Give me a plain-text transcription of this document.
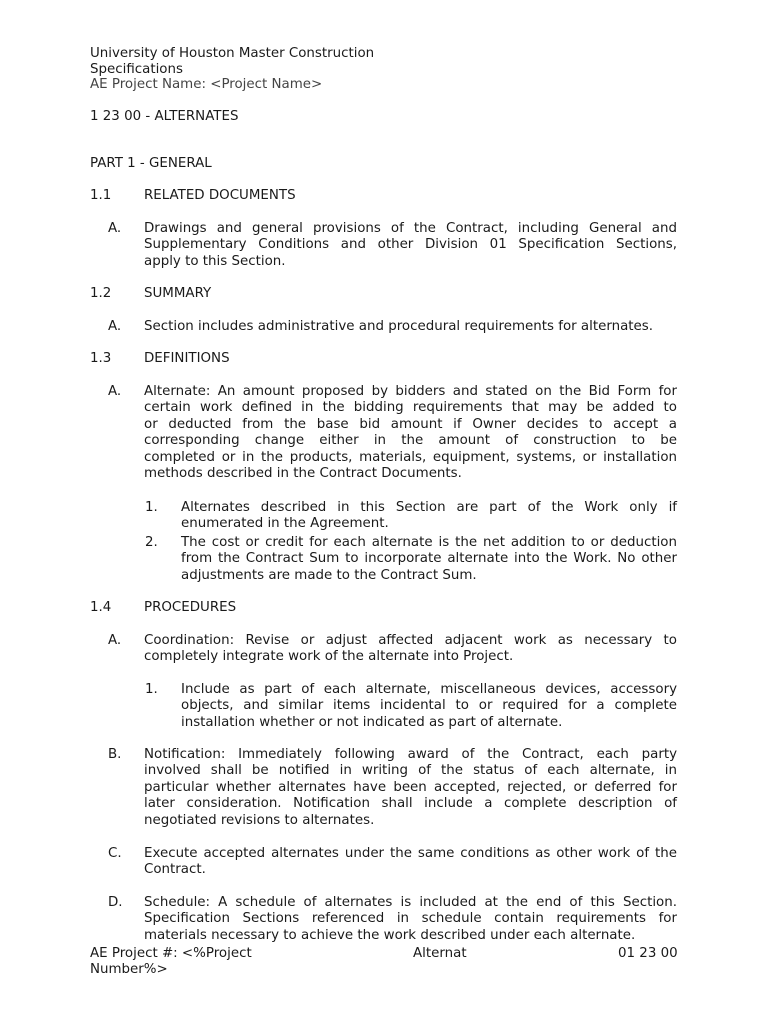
University of Houston Master Construction
Specifications
AE Project Name: <Project Name>
1 23 00 - ALTERNATES
PART 1 - GENERAL
1.1 RELATED DOCUMENTS
A. Drawings and general provisions of the Contract, including General and
Supplementary Conditions and other Division 01 Specification Sections,
apply to this Section.
1.2 SUMMARY
A. Section includes administrative and procedural requirements for alternates.
1.3 DEFINITIONS
A. Alternate: An amount proposed by bidders and stated on the Bid Form for
certain work defined in the bidding requirements that may be added to
or deducted from the base bid amount if Owner decides to accept a
corresponding change either in the amount of construction to be
completed or in the products, materials, equipment, systems, or installation
methods described in the Contract Documents.
1. Alternates described in this Section are part of the Work only if
enumerated in the Agreement.
2. The cost or credit for each alternate is the net addition to or deduction
from the Contract Sum to incorporate alternate into the Work. No other
adjustments are made to the Contract Sum.
1.4 PROCEDURES
A. Coordination: Revise or adjust affected adjacent work as necessary to
completely integrate work of the alternate into Project.
1. Include as part of each alternate, miscellaneous devices, accessory
objects, and similar items incidental to or required for a complete
installation whether or not indicated as part of alternate.
B. Notification: Immediately following award of the Contract, each party
involved shall be notified in writing of the status of each alternate, in
particular whether alternates have been accepted, rejected, or deferred for
later consideration. Notification shall include a complete description of
negotiated revisions to alternates.
C. Execute accepted alternates under the same conditions as other work of the
Contract.
D. Schedule: A schedule of alternates is included at the end of this Section.
Specification Sections referenced in schedule contain requirements for
materials necessary to achieve the work described under each alternate.
AE Project #: <%Project
Number%>
Alternat	01 23 00
